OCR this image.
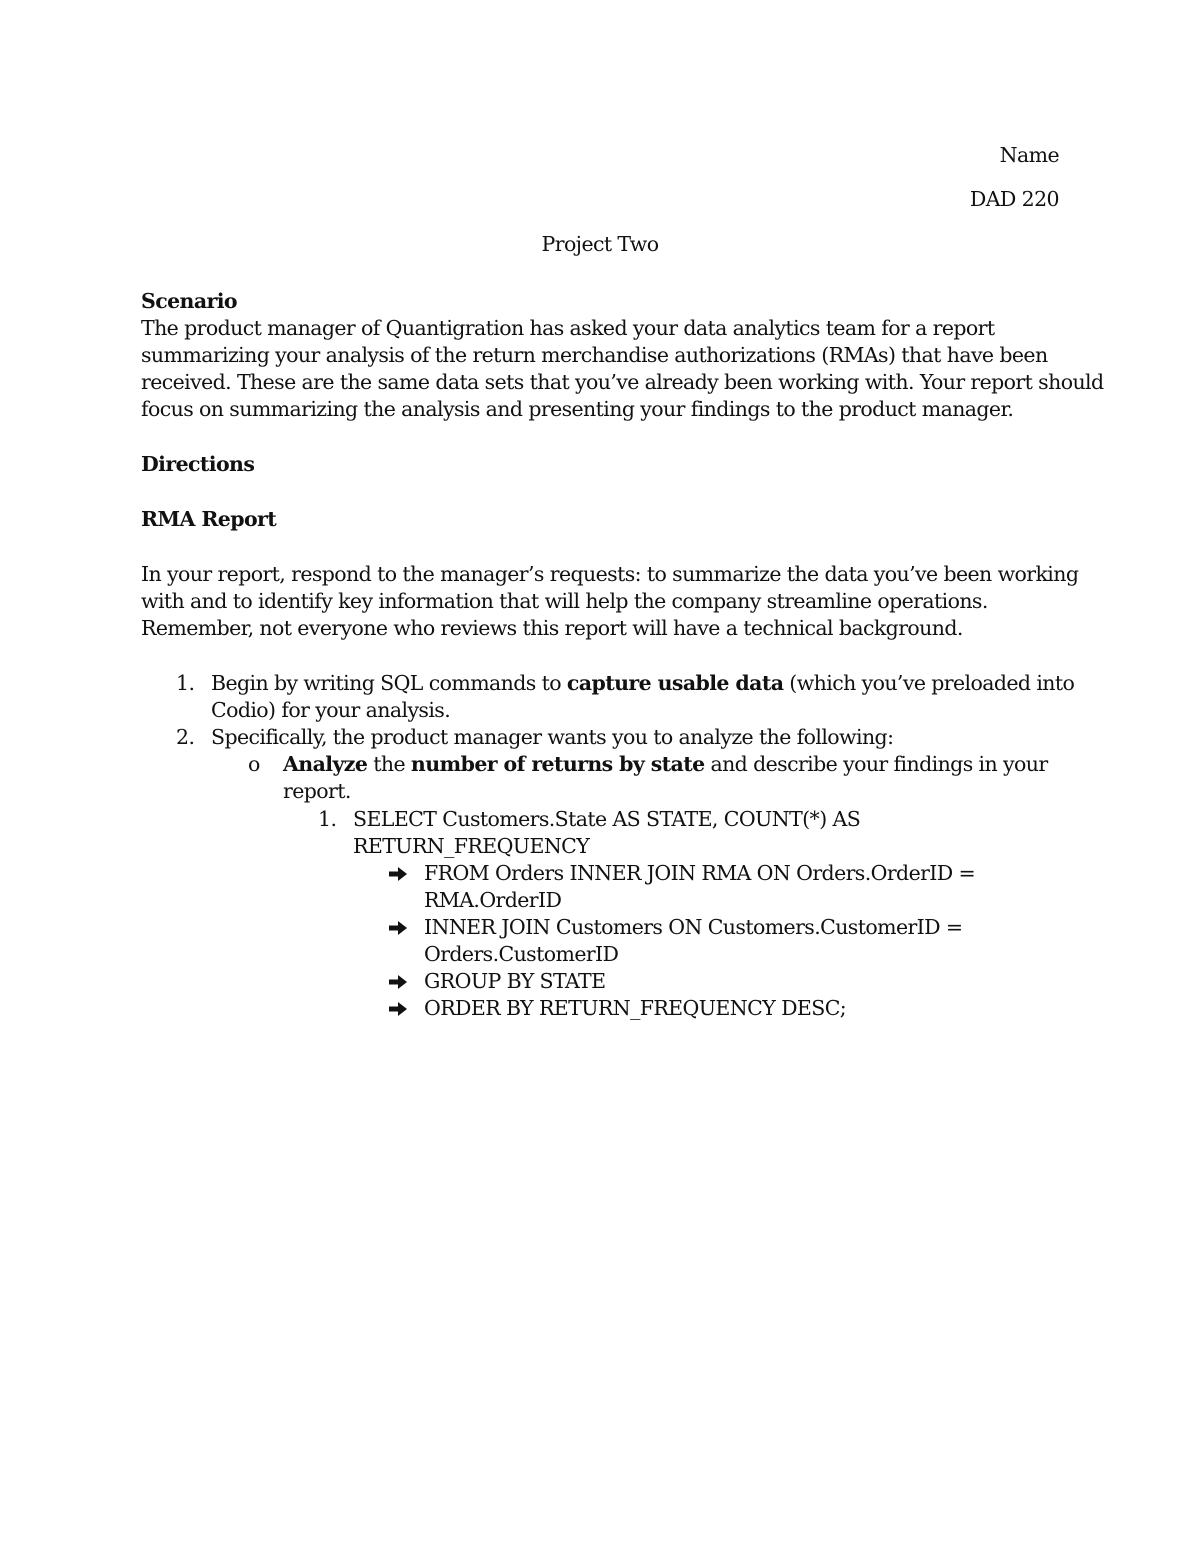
Name
DAD 220
Project Two
Scenario
The product manager of Quantigration has asked your data analytics team for a report
summarizing your analysis of the return merchandise authorizations (RMAs) that have been
received. These are the same data sets that you’ve already been working with. Your report should
focus on summarizing the analysis and presenting your findings to the product manager.
Directions
RMA Report
In your report, respond to the manager’s requests: to summarize the data you’ve been working
with and to identify key information that will help the company streamline operations.
Remember, not everyone who reviews this report will have a technical background.
1. Begin by writing SQL commands to capture usable data (which you’ve preloaded into
Codio) for your analysis.
2. Specifically, the product manager wants you to analyze the following:
o Analyze the number of returns by state and describe your findings in your
report.
1. SELECT Customers.State AS STATE, COUNT(*) AS
RETURN_FREQUENCY
FROM Orders INNER JOIN RMA ON Orders.OrderID =
RMA.OrderID
INNER JOIN Customers ON Customers.CustomerID =
Orders.CustomerID
GROUP BY STATE
ORDER BY RETURN_FREQUENCY DESC;
